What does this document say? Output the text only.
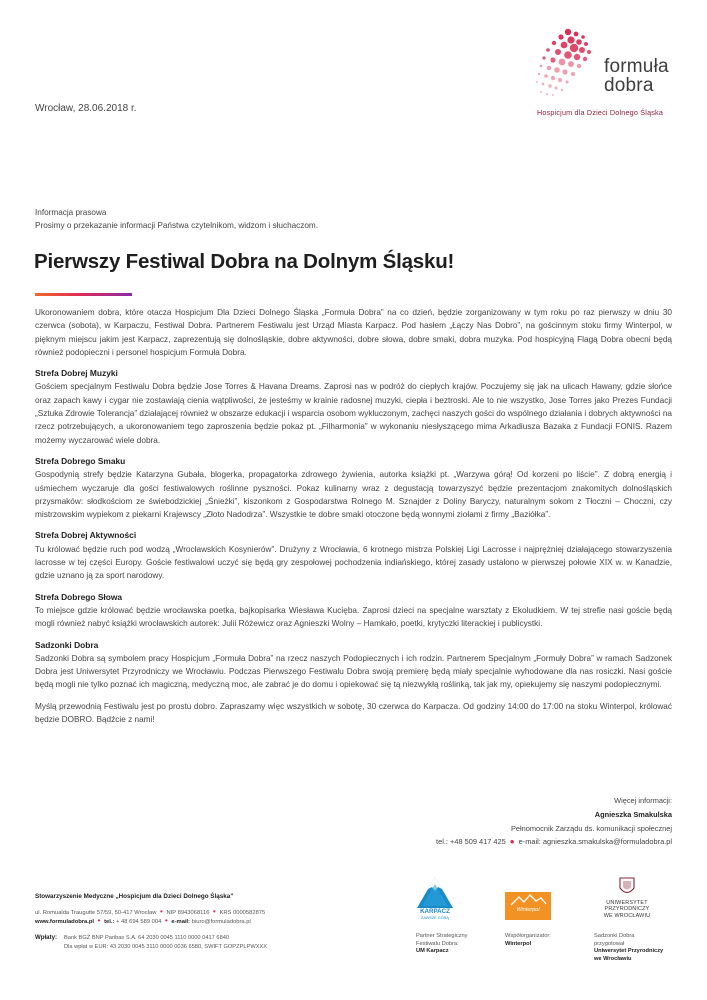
formuła
dobra
Hospicjum dla Dzieci Dolnego Śląska
Wrocław, 28.06.2018 r.
Informacja prasowa
Prosimy o przekazanie informacji Państwa czytelnikom, widzom i słuchaczom.
Pierwszy Festiwal Dobra na Dolnym Śląsku!

Ukoronowaniem dobra, które otacza Hospicjum Dla Dzieci Dolnego Śląska „Formuła Dobra” na co dzień, będzie zorganizowany w tym roku po raz pierwszy w dniu 30 czerwca (sobota), w Karpaczu, Festiwal Dobra. Partnerem Festiwalu jest Urząd Miasta Karpacz. Pod hasłem „Łączy Nas Dobro”, na gościnnym stoku firmy Winterpol, w pięknym miejscu jakim jest Karpacz, zaprezentują się dolnośląskie, dobre aktywności, dobre słowa, dobre smaki, dobra muzyka. Pod hospicyjną Flagą Dobra obecni będą również podopieczni i personel hospicjum Formuła Dobra.

Strefa Dobrej Muzyki

Gościem specjalnym Festiwalu Dobra będzie Jose Torres & Havana Dreams. Zaprosi nas w podróż do ciepłych krajów. Poczujemy się jak na ulicach Hawany, gdzie słońce oraz zapach kawy i cygar nie zostawiają cienia wątpliwości, że jesteśmy w krainie radosnej muzyki, ciepła i beztroski. Ale to nie wszystko, Jose Torres jako Prezes Fundacji „Sztuka Zdrowie Tolerancja” działającej również w obszarze edukacji i wsparcia osobom wykluczonym, zachęci naszych gości do wspólnego działania i dobrych aktywności na rzecz potrzebujących, a ukoronowaniem tego zaproszenia będzie pokaz pt. „Filharmonia” w wykonaniu niesłyszącego mima Arkadiusza Bazaka z Fundacji FONIS. Razem możemy wyczarować wiele dobra.

Strefa Dobrego Smaku

Gospodynią strefy będzie Katarzyna Gubała, blogerka, propagatorka zdrowego żywienia, autorka książki pt. „Warzywa górą! Od korzeni po liście”. Z dobrą energią i uśmiechem wyczaruje dla gości festiwalowych roślinne pyszności. Pokaz kulinarny wraz z degustacją towarzyszyć będzie prezentacjom znakomitych dolnośląskich przysmaków: słodkościom ze świebodzickiej „Śnieżki”, kiszonkom z Gospodarstwa Rolnego M. Sznajder z Doliny Baryczy, naturalnym sokom z Tłoczni – Choczni, czy mistrzowskim wypiekom z piekarni Krajewscy „Złoto Nadodrza”. Wszystkie te dobre smaki otoczone będą wonnymi ziołami z firmy „Baziółka”.

Strefa Dobrej Aktywności

Tu królować będzie ruch pod wodzą „Wrocławskich Kosynierów”. Drużyny z Wrocławia, 6 krotnego mistrza Polskiej Ligi Lacrosse i najprężniej działającego stowarzyszenia lacrosse w tej części Europy. Goście festiwalowi uczyć się będą gry zespołowej pochodzenia indiańskiego, której zasady ustalono w pierwszej połowie XIX w. w Kanadzie, gdzie uznano ją za sport narodowy.

Strefa Dobrego Słowa

To miejsce gdzie królować będzie wrocławska poetka, bajkopisarka Wiesława Kucięba. Zaprosi dzieci na specjalne warsztaty z Ekoludkiem. W tej strefie nasi goście będą mogli również nabyć książki wrocławskich autorek: Julii Różewicz oraz Agnieszki Wolny – Hamkało, poetki, krytyczki literackiej i publicystki.

Sadzonki Dobra

Sadzonki Dobra są symbolem pracy Hospicjum „Formuła Dobra” na rzecz naszych Podopiecznych i ich rodzin. Partnerem Specjalnym „Formuły Dobra” w ramach Sadzonek Dobra jest Uniwersytet Przyrodniczy we Wrocławiu. Podczas Pierwszego Festiwalu Dobra swoją premierę będą miały specjalnie wyhodowane dla nas rosiczki. Nasi goście będą mogli nie tylko poznać ich magiczną, medyczną moc, ale zabrać je do domu i opiekować się tą niezwykłą roślinką, tak jak my, opiekujemy się naszymi podopiecznymi.

Myślą przewodnią Festiwalu jest po prostu dobro. Zapraszamy więc wszystkich w sobotę, 30 czerwca do Karpacza. Od godziny 14:00 do 17:00 na stoku Winterpol, królować będzie DOBRO. Bądźcie z nami!

Więcej informacji:
Agnieszka Smakulska
Pełnomocnik Zarządu ds. komunikacji społecznej
tel.: +48 509 417 425 ● e-mail: agnieszka.smakulska@formuladobra.pl
Stowarzyszenie Medyczne „Hospicjum dla Dzieci Dolnego Śląska”
ul. Romualda Traugutte 57/59, 50-417 Wrocław • NIP 8943068116 • KRS 0000582875
www.formuladobra.pl • tel.: + 48 694 589 004 • e-mail: biuro@formuladobra.pl
Wpłaty: Bank BGŻ BNP Paribas S.A. 64 2030 0045 1110 0000 0417 6840
Dla wpłat w EUR: 43 2030 0045 3110 0000 0036 6580, SWIFT GOPZPLPWXXX
KARPACZ
ZAWSZE GÓRĄ
Partner Strategiczny
Festiwalu Dobra:
UM Karpacz
Winterpol
Współorganizator:
Winterpol
UNIWERSYTET
PRZYRODNICZY
WE WROCŁAWIU
Sadzonki Dobra
przygotował
Uniwersytet Przyrodniczy
we Wrocławiu
